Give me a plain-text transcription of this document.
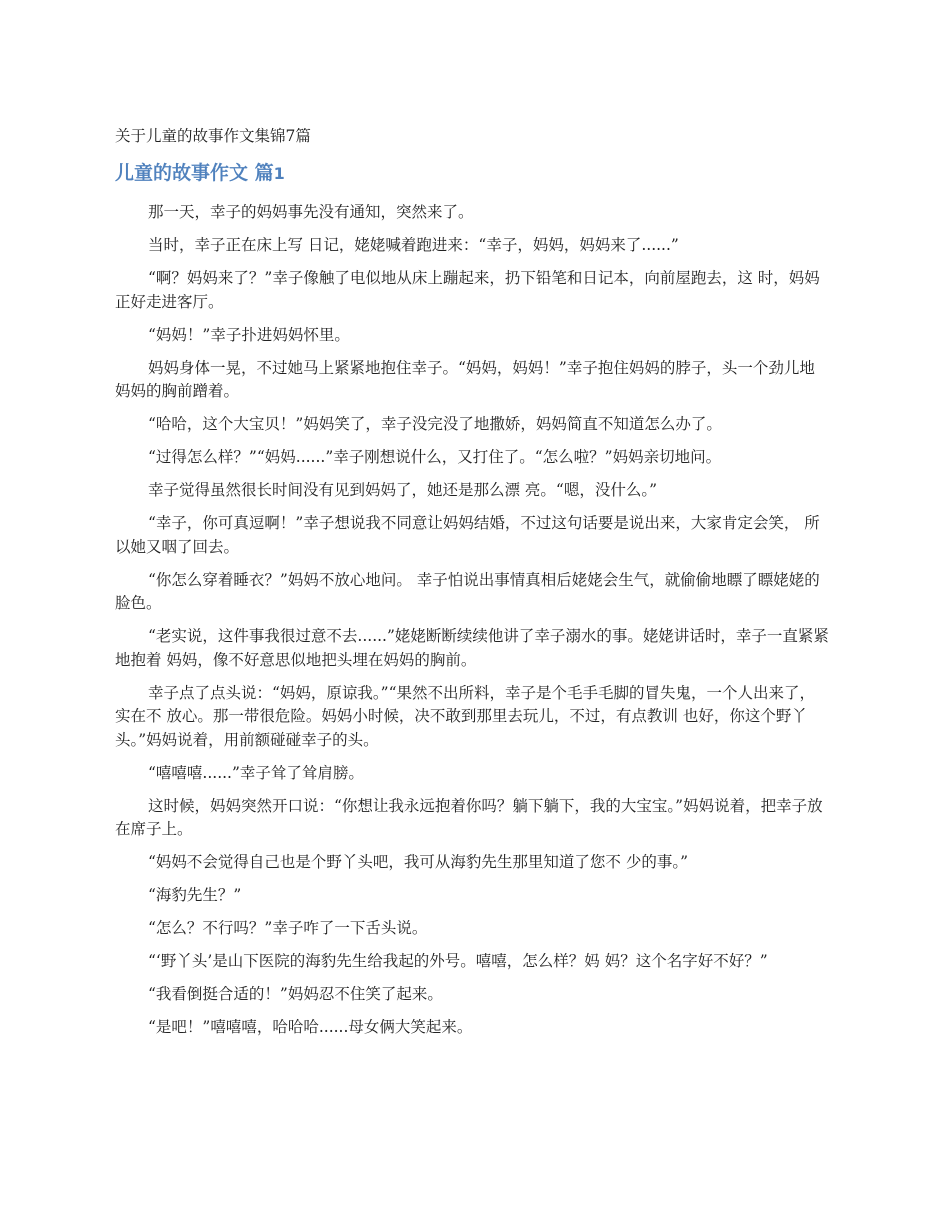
关于儿童的故事作文集锦7篇
儿童的故事作文 篇1

那一天，幸子的妈妈事先没有通知，突然来了。

当时，幸子正在床上写 日记，姥姥喊着跑进来：“幸子，妈妈，妈妈来了......”

“啊？妈妈来了？”幸子像触了电似地从床上蹦起来，扔下铅笔和日记本，向前屋跑去，这 时，妈妈正好走进客厅。

“妈妈！”幸子扑进妈妈怀里。

妈妈身体一晃，不过她马上紧紧地抱住幸子。“妈妈，妈妈！”幸子抱住妈妈的脖子，头一个劲儿地妈妈的胸前蹭着。

“哈哈，这个大宝贝！”妈妈笑了，幸子没完没了地撒娇，妈妈简直不知道怎么办了。

“过得怎么样？”“妈妈......”幸子刚想说什么，又打住了。“怎么啦？”妈妈亲切地问。

幸子觉得虽然很长时间没有见到妈妈了，她还是那么漂 亮。“嗯，没什么。”

“幸子，你可真逗啊！”幸子想说我不同意让妈妈结婚，不过这句话要是说出来，大家肯定会笑， 所以她又咽了回去。

“你怎么穿着睡衣？”妈妈不放心地问。 幸子怕说出事情真相后姥姥会生气，就偷偷地瞟了瞟姥姥的脸色。

“老实说，这件事我很过意不去......”姥姥断断续续他讲了幸子溺水的事。姥姥讲话时，幸子一直紧紧地抱着 妈妈，像不好意思似地把头埋在妈妈的胸前。

幸子点了点头说：“妈妈，原谅我。”“果然不出所料，幸子是个毛手毛脚的冒失鬼，一个人出来了，实在不 放心。那一带很危险。妈妈小时候，决不敢到那里去玩儿，不过，有点教训 也好，你这个野丫头。”妈妈说着，用前额碰碰幸子的头。

“嘻嘻嘻......”幸子耸了耸肩膀。

这时候，妈妈突然开口说：“你想让我永远抱着你吗？躺下躺下，我的大宝宝。”妈妈说着，把幸子放在席子上。

“妈妈不会觉得自己也是个野丫头吧，我可从海豹先生那里知道了您不 少的事。”

“海豹先生？”

“怎么？不行吗？”幸子咋了一下舌头说。

“‘野丫头’是山下医院的海豹先生给我起的外号。嘻嘻，怎么样？妈 妈？这个名字好不好？”

“我看倒挺合适的！”妈妈忍不住笑了起来。

“是吧！”嘻嘻嘻，哈哈哈......母女俩大笑起来。
